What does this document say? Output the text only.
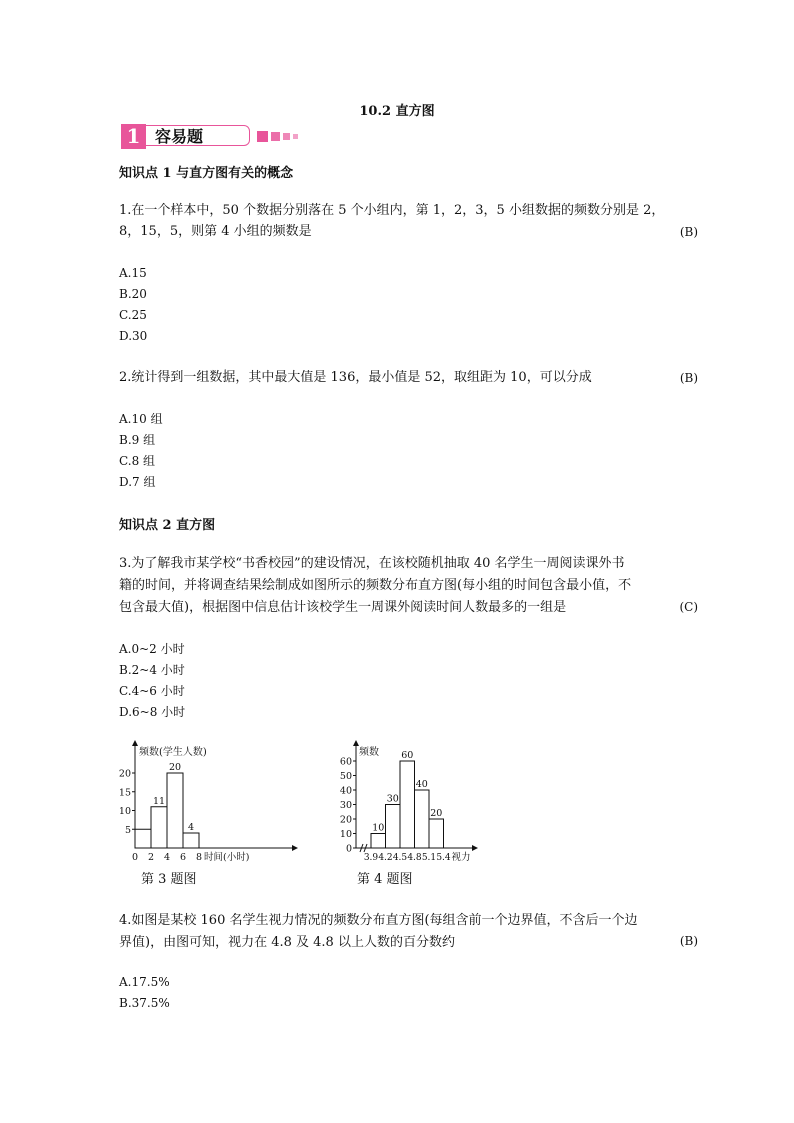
10.2 直方图
1 容易题
知识点 1 与直方图有关的概念
1.在一个样本中，50 个数据分别落在 5 个小组内，第 1，2，3，5 小组数据的频数分别是 2，
8，15，5，则第 4 小组的频数是	(B)
A.15
B.20
C.25
D.30
2.统计得到一组数据，其中最大值是 136，最小值是 52，取组距为 10，可以分成	(B)
A.10 组
B.9 组
C.8 组
D.7 组
知识点 2 直方图
3.为了解我市某学校“书香校园”的建设情况，在该校随机抽取 40 名学生一周阅读课外书
籍的时间，并将调查结果绘制成如图所示的频数分布直方图(每小组的时间包含最小值，不
包含最大值)，根据图中信息估计该校学生一周课外阅读时间人数最多的一组是	(C)
A.0~2 小时
B.2~4 小时
C.4~6 小时
D.6~8 小时
频数(学生人数)
11
20
4
5
10
15
20
0 2 4 6 8 时间(小时)
第 3 题图
频数
10
30
60
40
20
0
10
20
30
40
50
60
3.9 4.2 4.5 4.8 5.1 5.4 视力
第 4 题图
4.如图是某校 160 名学生视力情况的频数分布直方图(每组含前一个边界值，不含后一个边
界值)，由图可知，视力在 4.8 及 4.8 以上人数的百分数约	(B)
A.17.5%
B.37.5%
